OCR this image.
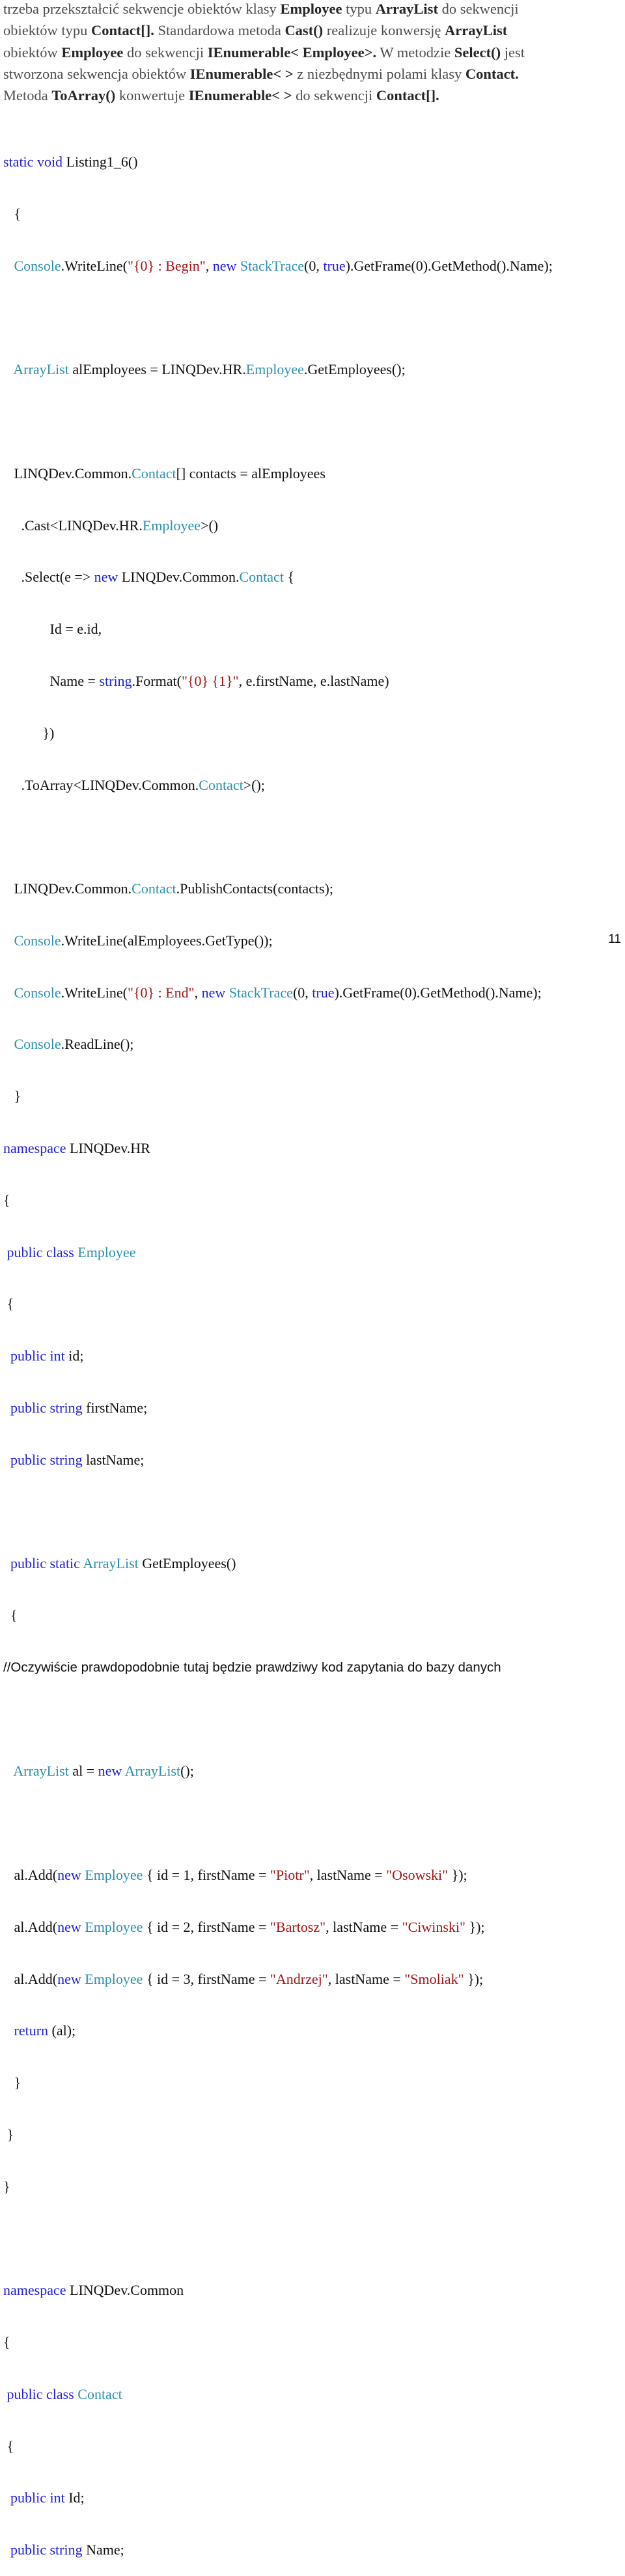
trzeba przekształcić sekwencje obiektów klasy Employee typu ArrayList do sekwencji
obiektów typu Contact[]. Standardowa metoda Cast() realizuje konwersję ArrayList
obiektów Employee do sekwencji IEnumerable< Employee>. W metodzie Select() jest
stworzona sekwencja obiektów IEnumerable< > z niezbędnymi polami klasy Contact.
Metoda ToArray() konwertuje IEnumerable< > do sekwencji Contact[].

static void Listing1_6()

{

Console.WriteLine("{0} : Begin", new StackTrace(0, true).GetFrame(0).GetMethod().Name);

ArrayList alEmployees = LINQDev.HR.Employee.GetEmployees();

LINQDev.Common.Contact[] contacts = alEmployees

.Cast<LINQDev.HR.Employee>()

.Select(e => new LINQDev.Common.Contact {

Id = e.id,

Name = string.Format("{0} {1}", e.firstName, e.lastName)

})

.ToArray<LINQDev.Common.Contact>();

LINQDev.Common.Contact.PublishContacts(contacts);

Console.WriteLine(alEmployees.GetType());

Console.WriteLine("{0} : End", new StackTrace(0, true).GetFrame(0).GetMethod().Name);

Console.ReadLine();

}

namespace LINQDev.HR

{

public class Employee

{

public int id;

public string firstName;

public string lastName;

public static ArrayList GetEmployees()

{

//Oczywiście prawdopodobnie tutaj będzie prawdziwy kod zapytania do bazy danych

ArrayList al = new ArrayList();

al.Add(new Employee { id = 1, firstName = "Piotr", lastName = "Osowski" });

al.Add(new Employee { id = 2, firstName = "Bartosz", lastName = "Ciwinski" });

al.Add(new Employee { id = 3, firstName = "Andrzej", lastName = "Smoliak" });

return (al);

}

}

}

namespace LINQDev.Common

{

public class Contact

{

public int Id;

public string Name;

11
